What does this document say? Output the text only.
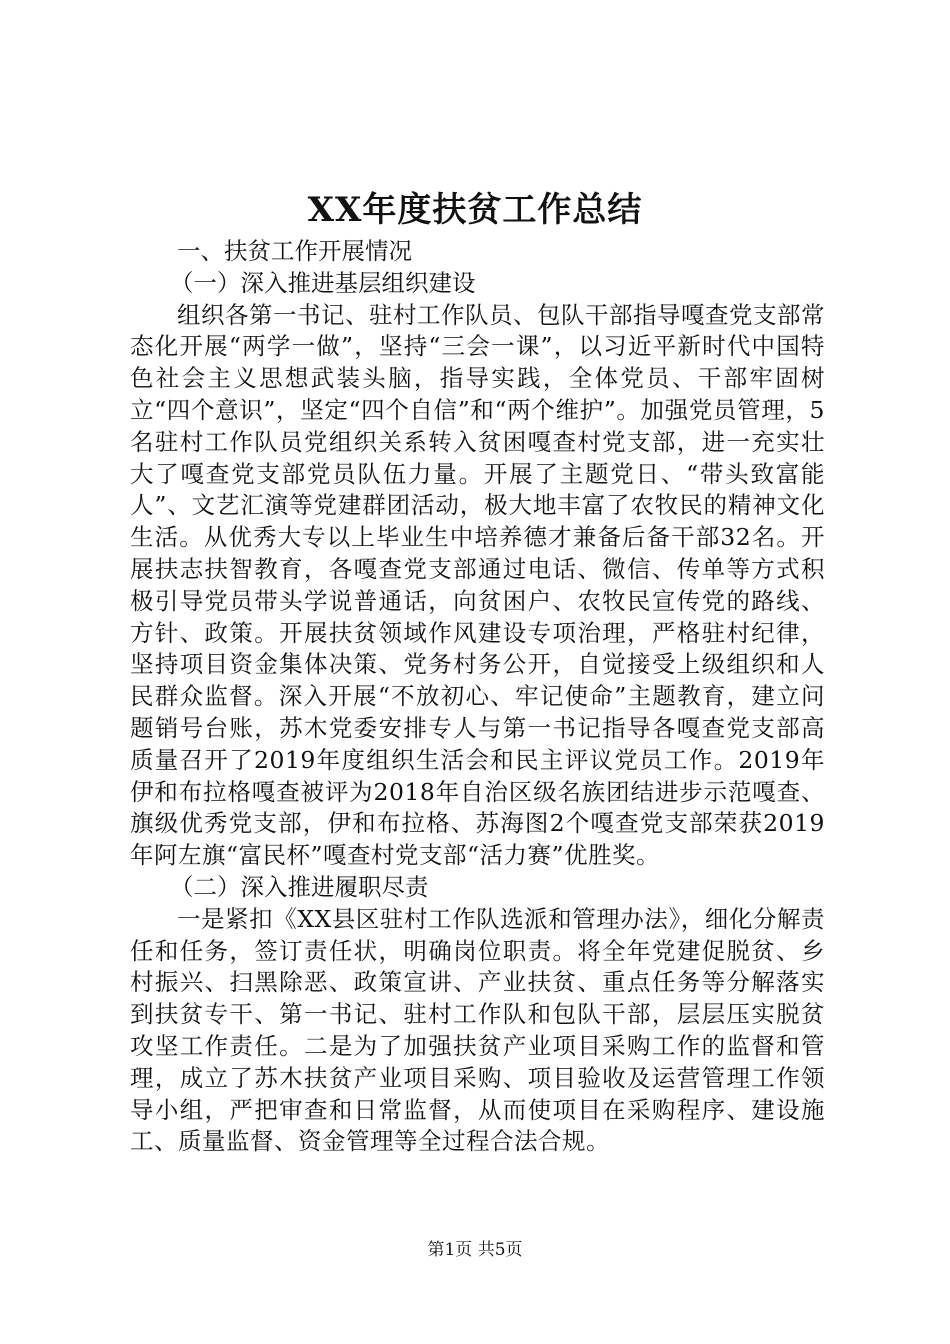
XX年度扶贫工作总结

一、扶贫工作开展情况

（一）深入推进基层组织建设

组织各第一书记、驻村工作队员、包队干部指导嘎查党支部常态化开展“两学一做”，坚持“三会一课”，以习近平新时代中国特色社会主义思想武装头脑，指导实践，全体党员、干部牢固树立“四个意识”，坚定“四个自信”和“两个维护”。加强党员管理，5名驻村工作队员党组织关系转入贫困嘎查村党支部，进一充实壮大了嘎查党支部党员队伍力量。开展了主题党日、“带头致富能人”、文艺汇演等党建群团活动，极大地丰富了农牧民的精神文化生活。从优秀大专以上毕业生中培养德才兼备后备干部32名。开展扶志扶智教育，各嘎查党支部通过电话、微信、传单等方式积极引导党员带头学说普通话，向贫困户、农牧民宣传党的路线、方针、政策。开展扶贫领域作风建设专项治理，严格驻村纪律，坚持项目资金集体决策、党务村务公开，自觉接受上级组织和人民群众监督。深入开展“不放初心、牢记使命”主题教育，建立问题销号台账，苏木党委安排专人与第一书记指导各嘎查党支部高质量召开了2019年度组织生活会和民主评议党员工作。2019年伊和布拉格嘎查被评为2018年自治区级名族团结进步示范嘎查、旗级优秀党支部，伊和布拉格、苏海图2个嘎查党支部荣获2019年阿左旗“富民杯”嘎查村党支部“活力赛”优胜奖。

（二）深入推进履职尽责

一是紧扣《XX县区驻村工作队选派和管理办法》，细化分解责任和任务，签订责任状，明确岗位职责。将全年党建促脱贫、乡村振兴、扫黑除恶、政策宣讲、产业扶贫、重点任务等分解落实到扶贫专干、第一书记、驻村工作队和包队干部，层层压实脱贫攻坚工作责任。二是为了加强扶贫产业项目采购工作的监督和管理，成立了苏木扶贫产业项目采购、项目验收及运营管理工作领导小组，严把审查和日常监督，从而使项目在采购程序、建设施工、质量监督、资金管理等全过程合法合规。

第1页 共5页
